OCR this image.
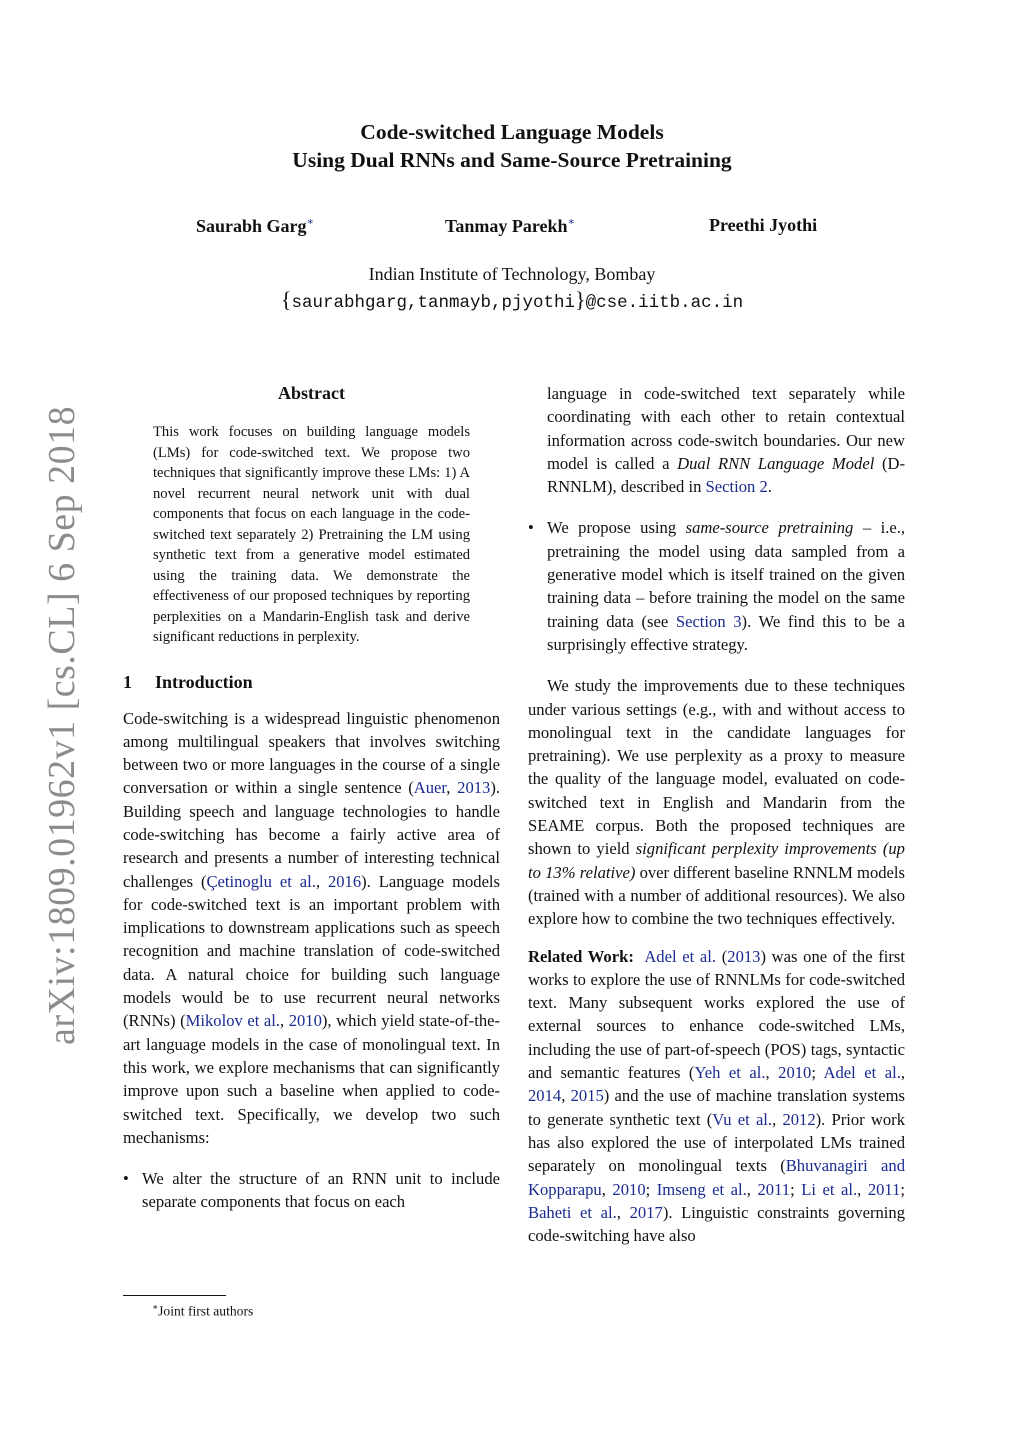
arXiv:1809.01962v1 [cs.CL] 6 Sep 2018
Code-switched Language Models
Using Dual RNNs and Same-Source Pretraining
Saurabh Garg∗	Tanmay Parekh∗	Preethi Jyothi
Indian Institute of Technology, Bombay
{saurabhgarg,tanmayb,pjyothi}@cse.iitb.ac.in
Abstract
This work focuses on building language models (LMs) for code-switched text. We propose two techniques that significantly improve these LMs: 1) A novel recurrent neural network unit with dual components that focus on each language in the code-switched text separately 2) Pretraining the LM using synthetic text from a generative model estimated using the training data. We demonstrate the effectiveness of our proposed techniques by reporting perplexities on a Mandarin-English task and derive significant reductions in perplexity.
1	Introduction

Code-switching is a widespread linguistic phenomenon among multilingual speakers that involves switching between two or more languages in the course of a single conversation or within a single sentence (Auer, 2013). Building speech and language technologies to handle code-switching has become a fairly active area of research and presents a number of interesting technical challenges (Çetinoglu et al., 2016). Language models for code-switched text is an important problem with implications to downstream applications such as speech recognition and machine translation of code-switched data. A natural choice for building such language models would be to use recurrent neural networks (RNNs) (Mikolov et al., 2010), which yield state-of-the-art language models in the case of monolingual text. In this work, we explore mechanisms that can significantly improve upon such a baseline when applied to code-switched text. Specifically, we develop two such mechanisms:

• We alter the structure of an RNN unit to include separate components that focus on each
∗Joint first authors
language in code-switched text separately while coordinating with each other to retain contextual information across code-switch boundaries. Our new model is called a Dual RNN Language Model (D-RNNLM), described in Section 2.
• We propose using same-source pretraining – i.e., pretraining the model using data sampled from a generative model which is itself trained on the given training data – before training the model on the same training data (see Section 3). We find this to be a surprisingly effective strategy.

We study the improvements due to these techniques under various settings (e.g., with and without access to monolingual text in the candidate languages for pretraining). We use perplexity as a proxy to measure the quality of the language model, evaluated on code-switched text in English and Mandarin from the SEAME corpus. Both the proposed techniques are shown to yield significant perplexity improvements (up to 13% relative) over different baseline RNNLM models (trained with a number of additional resources). We also explore how to combine the two techniques effectively.

Related Work: Adel et al. (2013) was one of the first works to explore the use of RNNLMs for code-switched text. Many subsequent works explored the use of external sources to enhance code-switched LMs, including the use of part-of-speech (POS) tags, syntactic and semantic features (Yeh et al., 2010; Adel et al., 2014, 2015) and the use of machine translation systems to generate synthetic text (Vu et al., 2012). Prior work has also explored the use of interpolated LMs trained separately on monolingual texts (Bhuvanagiri and Kopparapu, 2010; Imseng et al., 2011; Li et al., 2011; Baheti et al., 2017). Linguistic constraints governing code-switching have also
